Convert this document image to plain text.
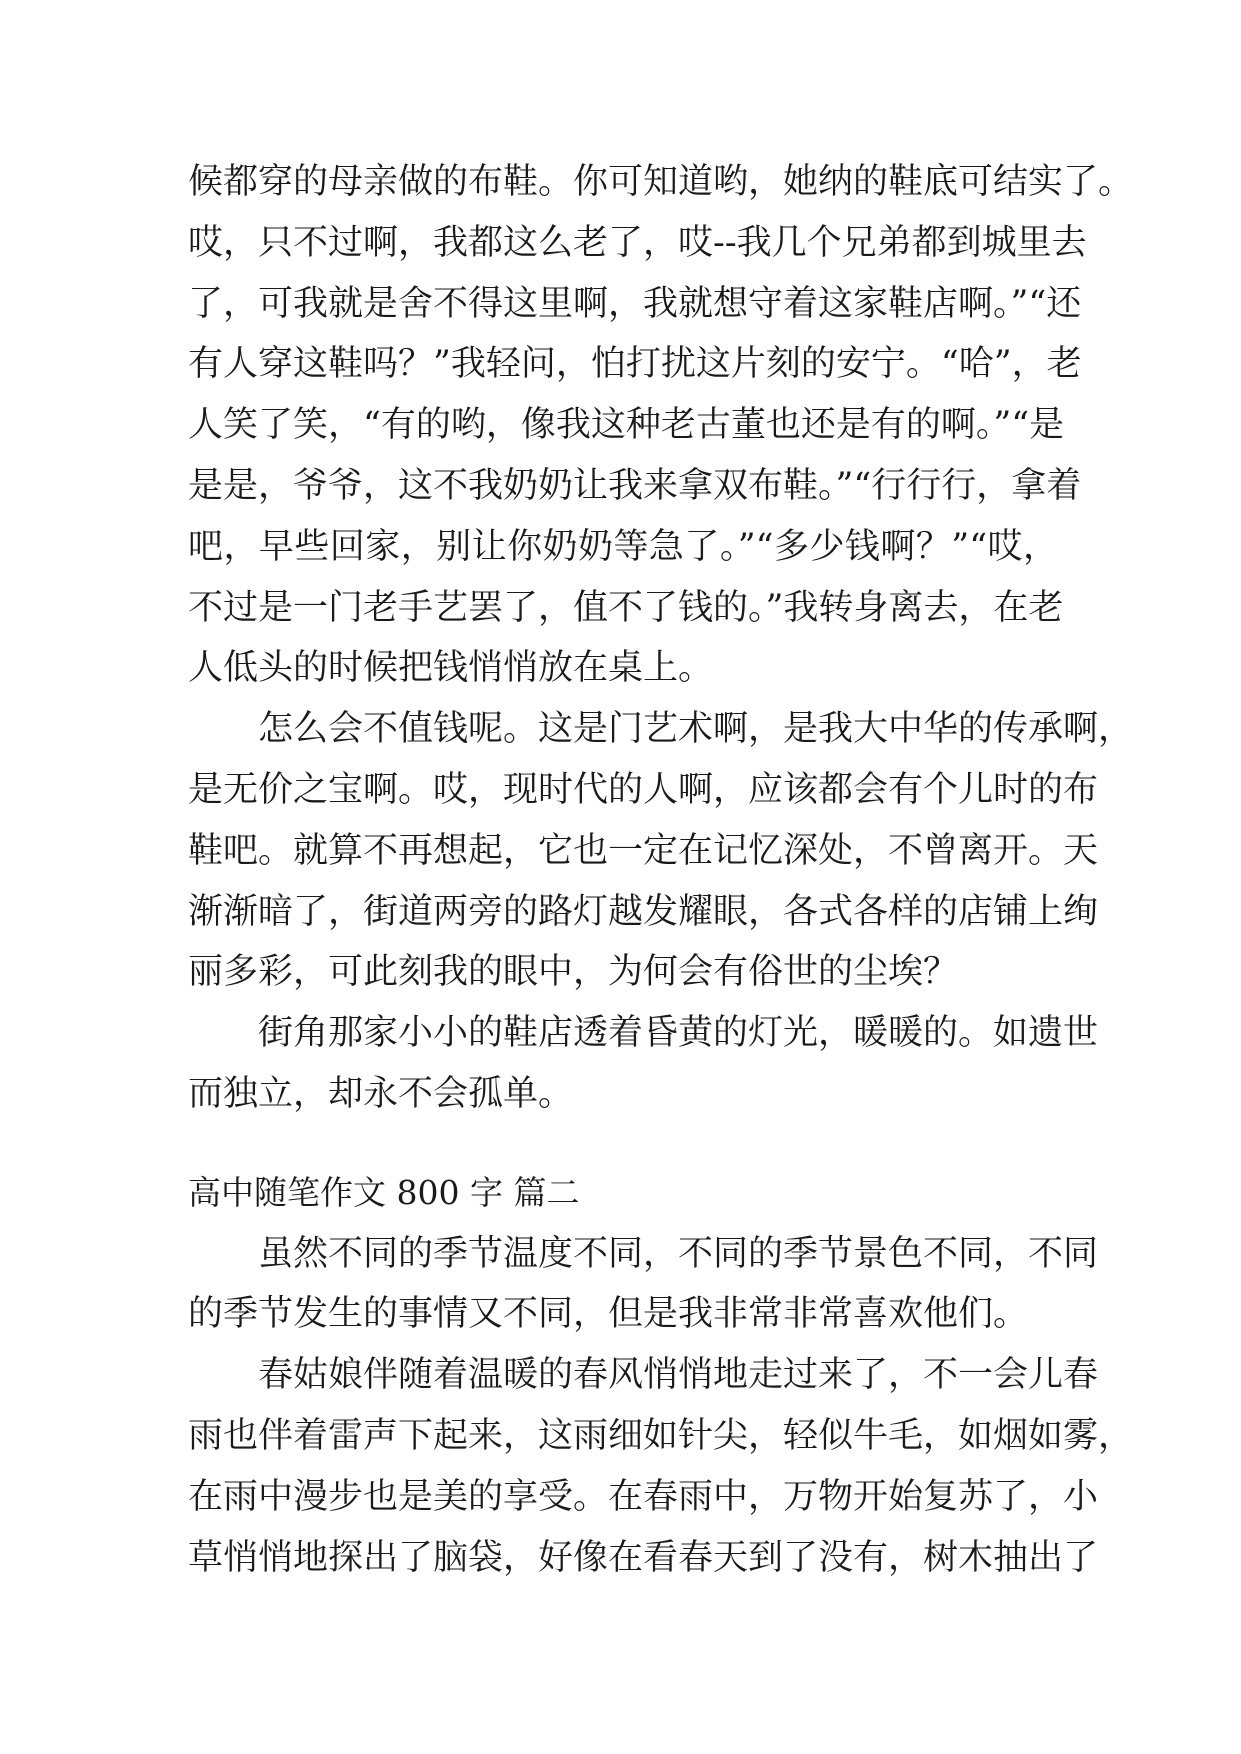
候都穿的母亲做的布鞋。你可知道哟，她纳的鞋底可结实了。
哎，只不过啊，我都这么老了，哎--我几个兄弟都到城里去
了，可我就是舍不得这里啊，我就想守着这家鞋店啊。”“还
有人穿这鞋吗？”我轻问，怕打扰这片刻的安宁。“哈”，老
人笑了笑，“有的哟，像我这种老古董也还是有的啊。”“是
是是，爷爷，这不我奶奶让我来拿双布鞋。”“行行行，拿着
吧，早些回家，别让你奶奶等急了。”“多少钱啊？”“哎，
不过是一门老手艺罢了，值不了钱的。”我转身离去，在老
人低头的时候把钱悄悄放在桌上。
怎么会不值钱呢。这是门艺术啊，是我大中华的传承啊，
是无价之宝啊。哎，现时代的人啊，应该都会有个儿时的布
鞋吧。就算不再想起，它也一定在记忆深处，不曾离开。天
渐渐暗了，街道两旁的路灯越发耀眼，各式各样的店铺上绚
丽多彩，可此刻我的眼中，为何会有俗世的尘埃？
街角那家小小的鞋店透着昏黄的灯光，暖暖的。如遗世
而独立，却永不会孤单。
高中随笔作文 800 字 篇二
虽然不同的季节温度不同，不同的季节景色不同，不同
的季节发生的事情又不同，但是我非常非常喜欢他们。
春姑娘伴随着温暖的春风悄悄地走过来了，不一会儿春
雨也伴着雷声下起来，这雨细如针尖，轻似牛毛，如烟如雾，
在雨中漫步也是美的享受。在春雨中，万物开始复苏了，小
草悄悄地探出了脑袋，好像在看春天到了没有，树木抽出了
